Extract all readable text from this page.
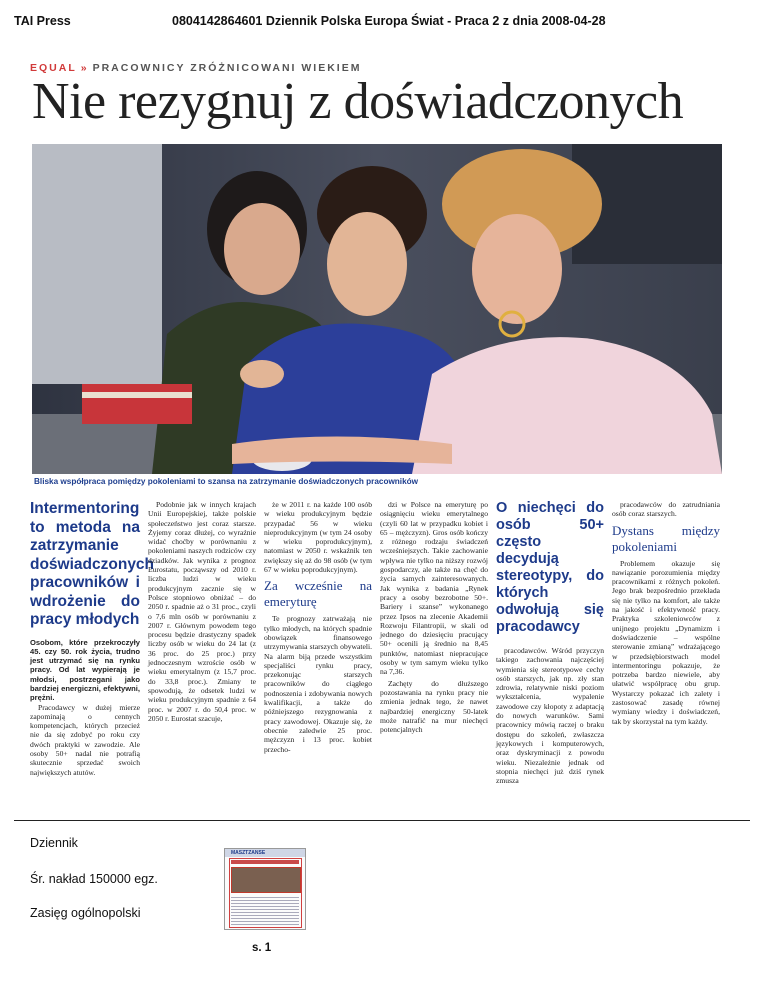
TAI Press	0804142864601 Dziennik Polska Europa Świat - Praca 2 z dnia 2008-04-28
EQUAL » PRACOWNICY ZRÓŻNICOWANI WIEKIEM
Nie rezygnuj z doświadczonych
Bliska współpraca pomiędzy pokoleniami to szansa na zatrzymanie doświadczonych pracowników
Intermentoring to metoda na zatrzymanie doświadczonych pracowników i wdrożenie do pracy młodych
Osobom, które przekroczyły 45. czy 50. rok życia, trudno jest utrzymać się na rynku pracy. Od lat wypierają je młodsi, postrzegani jako bardziej energiczni, efektywni, prężni.

Pracodawcy w dużej mierze zapominają o cennych kompetencjach, których przecież nie da się zdobyć po roku czy dwóch praktyki w zawodzie. Ale osoby 50+ nadal nie potrafią skutecznie sprzedać swoich największych atutów.

Podobnie jak w innych krajach Unii Europejskiej, także polskie społeczeństwo jest coraz starsze. Żyjemy coraz dłużej, co wyraźnie widać choćby w porównaniu z pokoleniami naszych rodziców czy dziadków. Jak wynika z prognoz Eurostatu, począwszy od 2010 r. liczba ludzi w wieku produkcyjnym zacznie się w Polsce stopniowo obniżać – do 2050 r. spadnie aż o 31 proc., czyli o 7,6 mln osób w porównaniu z 2007 r. Głównym powodem tego procesu będzie drastyczny spadek liczby osób w wieku do 24 lat (z 36 proc. do 25 proc.) przy jednoczesnym wzroście osób w wieku emerytalnym (z 15,7 proc. do 33,8 proc.). Zmiany te spowodują, że odsetek ludzi w wieku produkcyjnym spadnie z 64 proc. w 2007 r. do 50,4 proc. w 2050 r. Eurostat szacuje,

że w 2011 r. na każde 100 osób w wieku produkcyjnym będzie przypadać 56 w wieku nieprodukcyjnym (w tym 24 osoby w wieku poprodukcyjnym), natomiast w 2050 r. wskaźnik ten zwiększy się aż do 98 osób (w tym 67 w wieku poprodukcyjnym).

Za wcześnie na emeryturę

Te prognozy zatrważają nie tylko młodych, na których spadnie obowiązek finansowego utrzymywania starszych obywateli. Na alarm biją przede wszystkim specjaliści rynku pracy, przekonując starszych pracowników do ciągłego podnoszenia i zdobywania nowych kwalifikacji, a także do późniejszego rezygnowania z pracy zawodowej. Okazuje się, że obecnie zaledwie 25 proc. mężczyzn i 13 proc. kobiet przecho-

dzi w Polsce na emeryturę po osiągnięciu wieku emerytalnego (czyli 60 lat w przypadku kobiet i 65 – mężczyzn). Gros osób kończy z różnego rodzaju świadczeń wcześniejszych. Takie zachowanie wpływa nie tylko na niższy rozwój gospodarczy, ale także na chęć do życia samych zainteresowanych. Jak wynika z badania „Rynek pracy a osoby bezrobotne 50+. Bariery i szanse” wykonanego przez Ipsos na zlecenie Akademii Rozwoju Filantropii, w skali od jednego do dziesięciu pracujący 50+ ocenili ją średnio na 8,45 punktów, natomiast niepracujące osoby w tym samym wieku tylko na 7,36.

Zachęty do dłuższego pozostawania na rynku pracy nie zmienia jednak tego, że nawet najbardziej energiczny 50-latek może natrafić na mur niechęci potencjalnych

O niechęci do osób 50+ często decydują stereotypy, do których odwołują się pracodawcy

pracodawców. Wśród przyczyn takiego zachowania najczęściej wymienia się stereotypowe cechy osób starszych, jak np. zły stan zdrowia, relatywnie niski poziom wykształcenia, wypalenie zawodowe czy kłopoty z adaptacją do nowych warunków. Sami pracownicy mówią raczej o braku dostępu do szkoleń, zwłaszcza językowych i komputerowych, oraz dyskryminacji z powodu wieku. Niezależnie jednak od stopnia niechęci już dziś rynek zmusza

pracodawców do zatrudniania osób coraz starszych.

Dystans między pokoleniami

Problemem okazuje się nawiązanie porozumienia między pracownikami z różnych pokoleń. Jego brak bezpośrednio przekłada się nie tylko na komfort, ale także na jakość i efektywność pracy. Praktyka szkoleniowców z unijnego projektu „Dynamizm i doświadczenie – wspólne sterowanie zmianą” wdrażającego w przedsiębiorstwach model intermentoringu pokazuje, że potrzeba bardzo niewiele, aby ułatwić współpracę obu grup. Wystarczy pokazać ich zalety i zastosować zasadę równej wymiany wiedzy i doświadczeń, tak by skorzystał na tym każdy.

Dziennik
Śr. nakład 150000 egz.
Zasięg ogólnopolski
MASZTZANSE
s. 1
